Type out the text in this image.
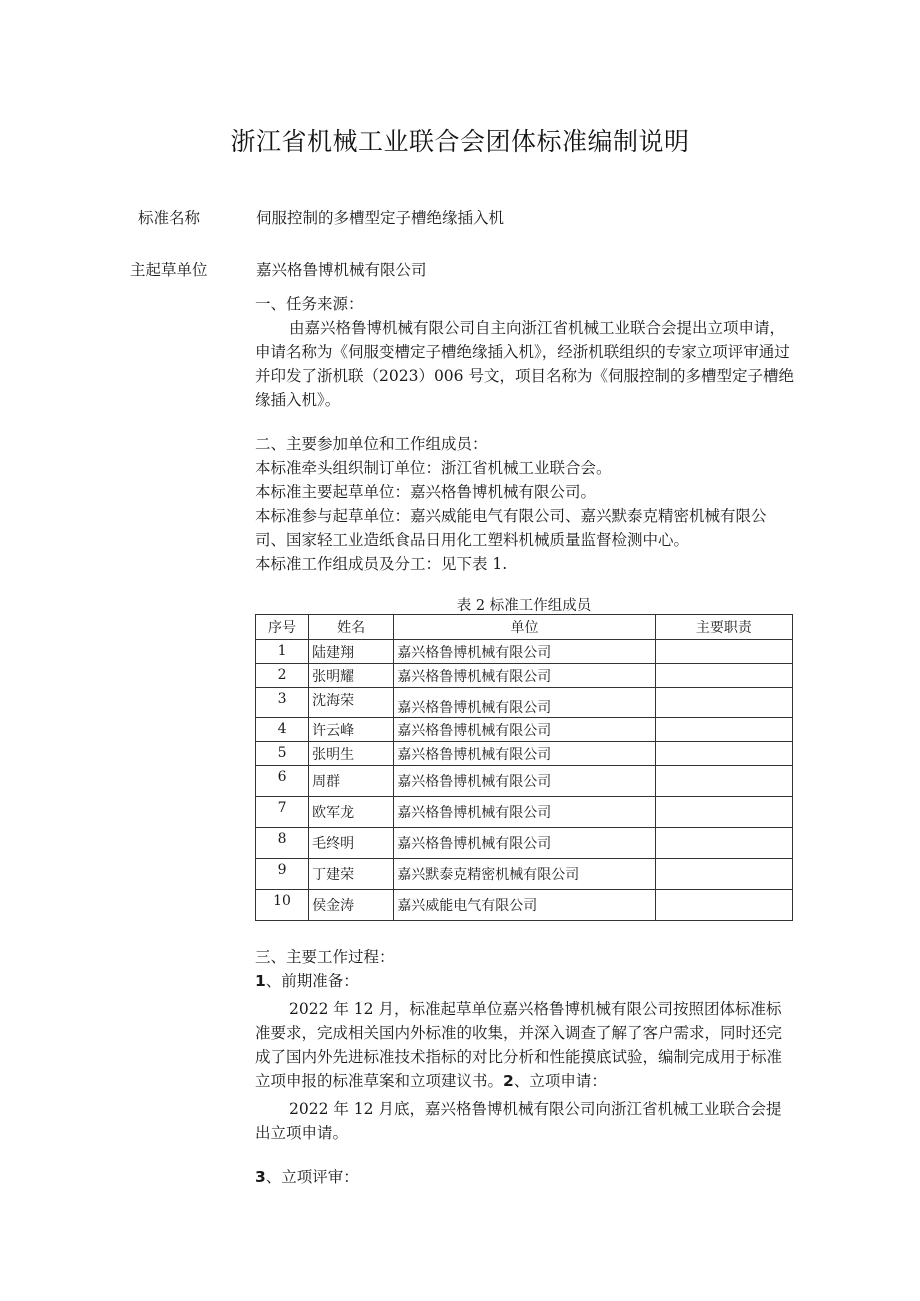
浙江省机械工业联合会团体标准编制说明
标准名称	伺服控制的多槽型定子槽绝缘插入机
主起草单位	嘉兴格鲁博机械有限公司

一、任务来源：

由嘉兴格鲁博机械有限公司自主向浙江省机械工业联合会提出立项申请，申请名称为《伺服变槽定子槽绝缘插入机》，经浙机联组织的专家立项评审通过并印发了浙机联（2023）006 号文，项目名称为《伺服控制的多槽型定子槽绝缘插入机》。

二、主要参加单位和工作组成员：

本标准牵头组织制订单位：浙江省机械工业联合会。

本标准主要起草单位：嘉兴格鲁博机械有限公司。

本标准参与起草单位：嘉兴威能电气有限公司、嘉兴默泰克精密机械有限公司、国家轻工业造纸食品日用化工塑料机械质量监督检测中心。

本标准工作组成员及分工：见下表 1.

表 2 标准工作组成员
序号	姓名	单位	主要职责
1	陆建翔	嘉兴格鲁博机械有限公司	
2	张明耀	嘉兴格鲁博机械有限公司	
3	沈海荣	嘉兴格鲁博机械有限公司	
4	许云峰	嘉兴格鲁博机械有限公司	
5	张明生	嘉兴格鲁博机械有限公司	
6	周群	嘉兴格鲁博机械有限公司	
7	欧军龙	嘉兴格鲁博机械有限公司	
8	毛终明	嘉兴格鲁博机械有限公司	
9	丁建荣	嘉兴默泰克精密机械有限公司	
10	侯金涛	嘉兴威能电气有限公司	

三、主要工作过程：

1、前期准备：

2022 年 12 月，标准起草单位嘉兴格鲁博机械有限公司按照团体标准标准要求，完成相关国内外标准的收集，并深入调查了解了客户需求，同时还完成了国内外先进标准技术指标的对比分析和性能摸底试验，编制完成用于标准立项申报的标准草案和立项建议书。2、立项申请：

2022 年 12 月底，嘉兴格鲁博机械有限公司向浙江省机械工业联合会提出立项申请。

3、立项评审：
